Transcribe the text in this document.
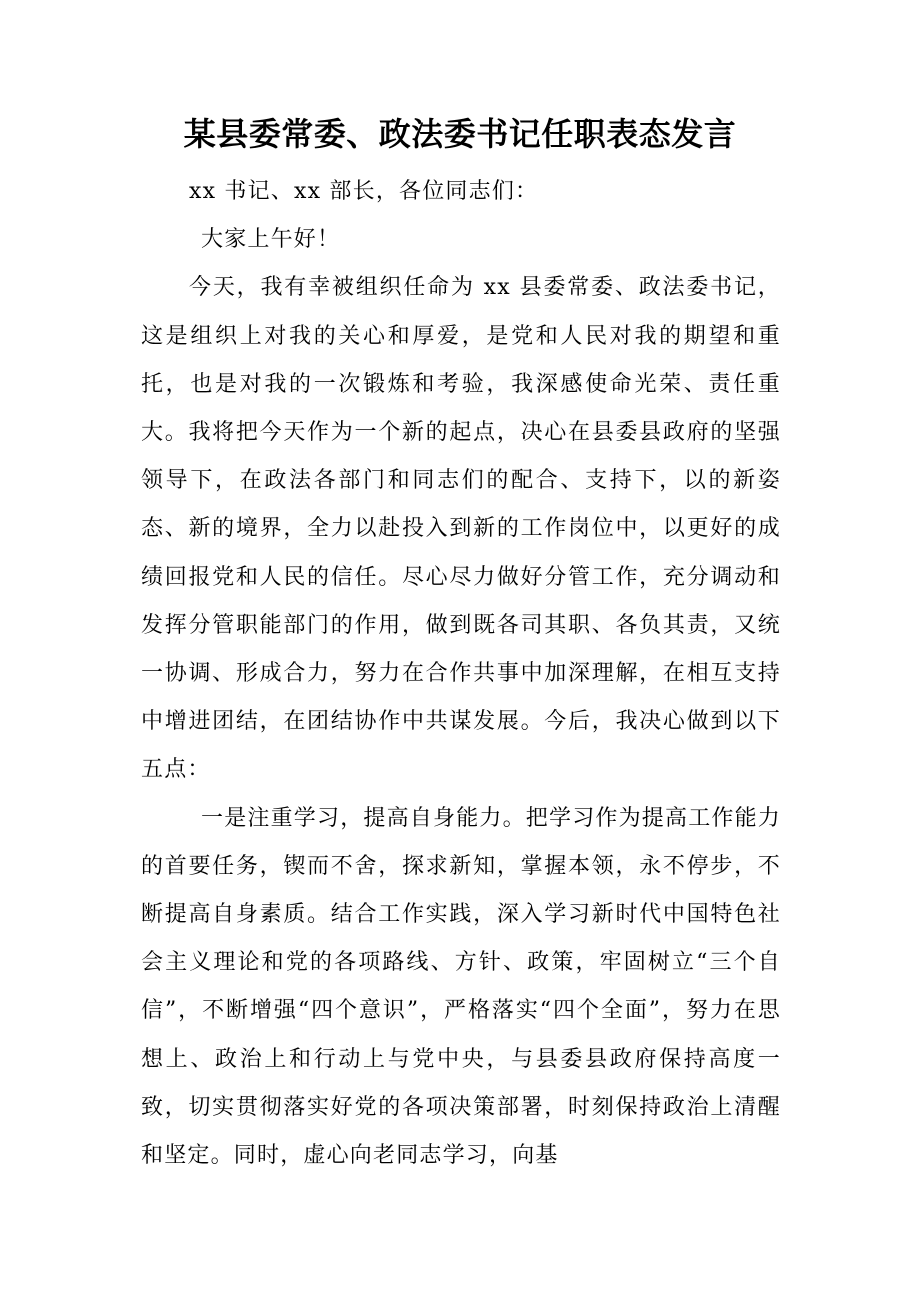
某县委常委、政法委书记任职表态发言

xx 书记、xx 部长，各位同志们：

大家上午好！

今天，我有幸被组织任命为 xx 县委常委、政法委书记，这是组织上对我的关心和厚爱，是党和人民对我的期望和重托，也是对我的一次锻炼和考验，我深感使命光荣、责任重大。我将把今天作为一个新的起点，决心在县委县政府的坚强领导下，在政法各部门和同志们的配合、支持下，以的新姿态、新的境界，全力以赴投入到新的工作岗位中，以更好的成绩回报党和人民的信任。尽心尽力做好分管工作，充分调动和发挥分管职能部门的作用，做到既各司其职、各负其责，又统一协调、形成合力，努力在合作共事中加深理解，在相互支持中增进团结，在团结协作中共谋发展。今后，我决心做到以下五点：

一是注重学习，提高自身能力。把学习作为提高工作能力的首要任务，锲而不舍，探求新知，掌握本领，永不停步，不断提高自身素质。结合工作实践，深入学习新时代中国特色社会主义理论和党的各项路线、方针、政策，牢固树立“三个自信”，不断增强“四个意识”，严格落实“四个全面”，努力在思想上、政治上和行动上与党中央，与县委县政府保持高度一致，切实贯彻落实好党的各项决策部署，时刻保持政治上清醒和坚定。同时，虚心向老同志学习，向基
